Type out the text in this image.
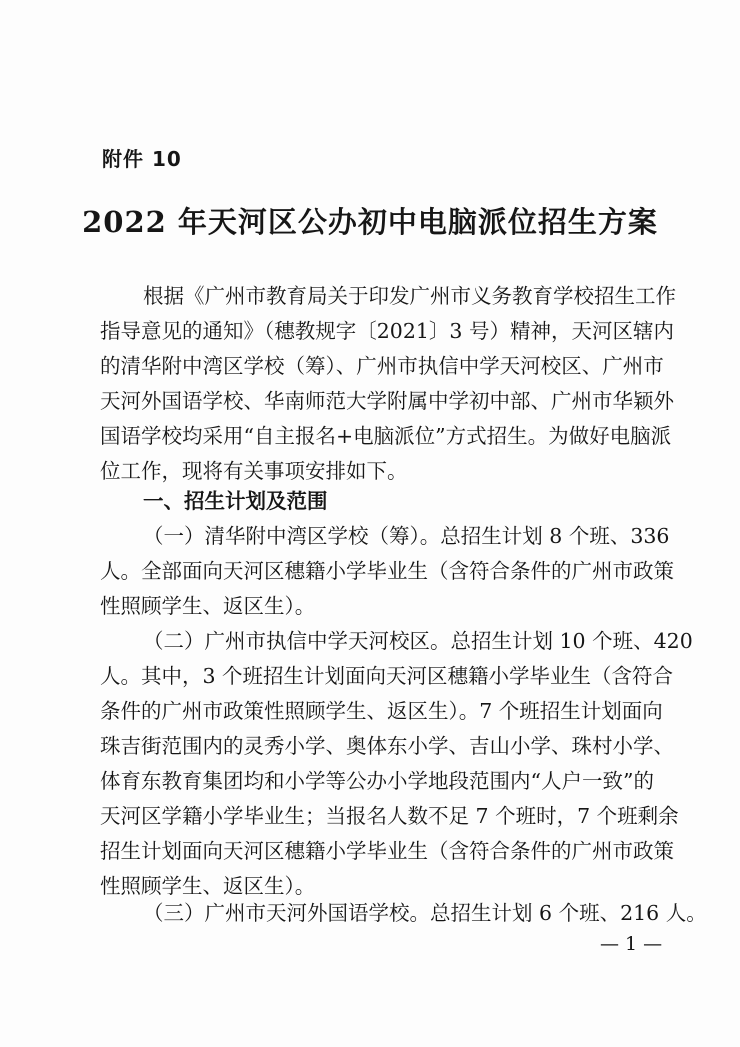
附件 10

2022 年天河区公办初中电脑派位招生方案

根据《广州市教育局关于印发广州市义务教育学校招生工作

指导意见的通知》（穗教规字〔2021〕3 号）精神，天河区辖内

的清华附中湾区学校（筹）、广州市执信中学天河校区、广州市

天河外国语学校、华南师范大学附属中学初中部、广州市华颖外

国语学校均采用“自主报名+电脑派位”方式招生。为做好电脑派

位工作，现将有关事项安排如下。

一、招生计划及范围

（一）清华附中湾区学校（筹）。总招生计划 8 个班、336

人。全部面向天河区穗籍小学毕业生（含符合条件的广州市政策

性照顾学生、返区生）。

（二）广州市执信中学天河校区。总招生计划 10 个班、420

人。其中，3 个班招生计划面向天河区穗籍小学毕业生（含符合

条件的广州市政策性照顾学生、返区生）。7 个班招生计划面向

珠吉街范围内的灵秀小学、奥体东小学、吉山小学、珠村小学、

体育东教育集团均和小学等公办小学地段范围内“人户一致”的

天河区学籍小学毕业生；当报名人数不足 7 个班时，7 个班剩余

招生计划面向天河区穗籍小学毕业生（含符合条件的广州市政策

性照顾学生、返区生）。

（三）广州市天河外国语学校。总招生计划 6 个班、216 人。

— 1 —
